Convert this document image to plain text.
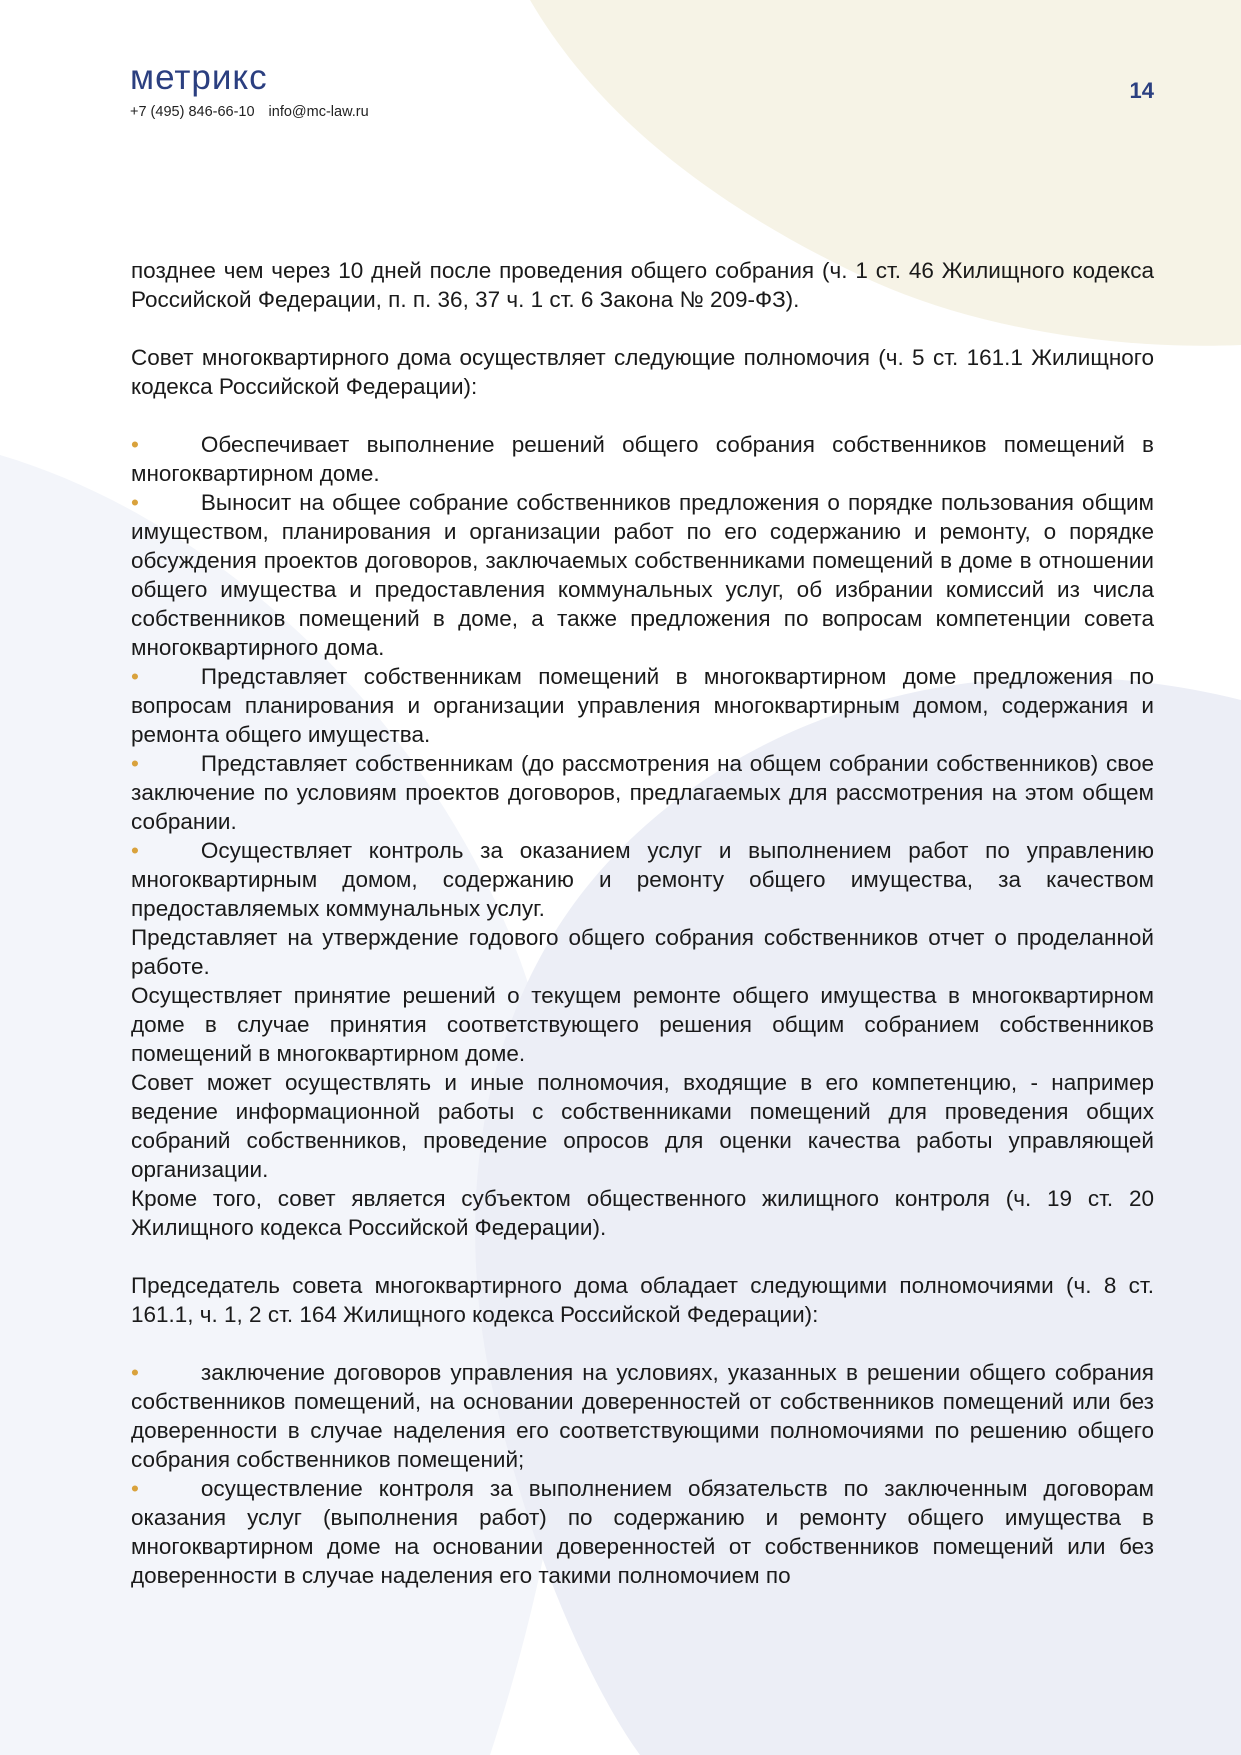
метрикс
+7 (495) 846-66-10 info@mc-law.ru
14

позднее чем через 10 дней после проведения общего собрания (ч. 1 ст. 46 Жилищного кодекса Российской Федерации, п. п. 36, 37 ч. 1 ст. 6 Закона № 209-ФЗ).

Совет многоквартирного дома осуществляет следующие полномочия (ч. 5 ст. 161.1 Жилищного кодекса Российской Федерации):

•	Обеспечивает выполнение решений общего собрания собственников помещений в многоквартирном доме.

•	Выносит на общее собрание собственников предложения о порядке пользования общим имуществом, планирования и организации работ по его содержанию и ремонту, о порядке обсуждения проектов договоров, заключаемых собственниками помещений в доме в отношении общего имущества и предоставления коммунальных услуг, об избрании комиссий из числа собственников помещений в доме, а также предложения по вопросам компетенции совета многоквартирного дома.

•	Представляет собственникам помещений в многоквартирном доме предложения по вопросам планирования и организации управления многоквартирным домом, содержания и ремонта общего имущества.

•	Представляет собственникам (до рассмотрения на общем собрании собственников) свое заключение по условиям проектов договоров, предлагаемых для рассмотрения на этом общем собрании.

•	Осуществляет контроль за оказанием услуг и выполнением работ по управлению многоквартирным домом, содержанию и ремонту общего имущества, за качеством предоставляемых коммунальных услуг.

Представляет на утверждение годового общего собрания собственников отчет о проделанной работе.

Осуществляет принятие решений о текущем ремонте общего имущества в многоквартирном доме в случае принятия соответствующего решения общим собранием собственников помещений в многоквартирном доме.

Совет может осуществлять и иные полномочия, входящие в его компетенцию, - например ведение информационной работы с собственниками помещений для проведения общих собраний собственников, проведение опросов для оценки качества работы управляющей организации.

Кроме того, совет является субъектом общественного жилищного контроля (ч. 19 ст. 20 Жилищного кодекса Российской Федерации).

Председатель совета многоквартирного дома обладает следующими полномочиями (ч. 8 ст. 161.1, ч. 1, 2 ст. 164 Жилищного кодекса Российской Федерации):

•	заключение договоров управления на условиях, указанных в решении общего собрания собственников помещений, на основании доверенностей от собственников помещений или без доверенности в случае наделения его соответствующими полномочиями по решению общего собрания собственников помещений;

•	осуществление контроля за выполнением обязательств по заключенным договорам оказания услуг (выполнения работ) по содержанию и ремонту общего имущества в многоквартирном доме на основании доверенностей от собственников помещений или без доверенности в случае наделения его такими полномочием по
